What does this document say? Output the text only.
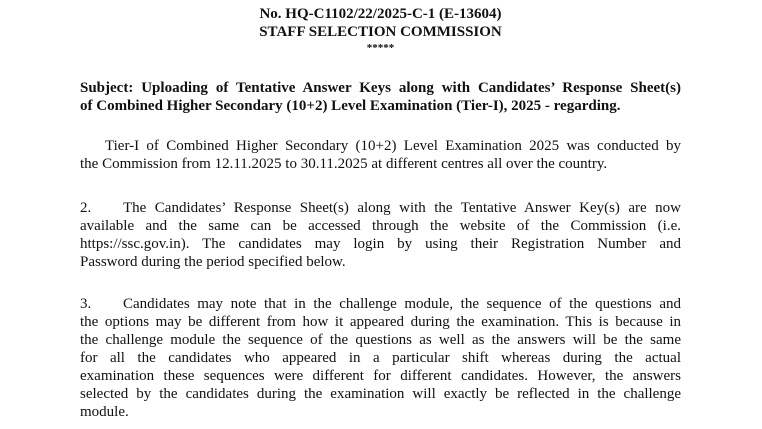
No. HQ-C1102/22/2025-C-1 (E-13604)
STAFF SELECTION COMMISSION
*****

Subject: Uploading of Tentative Answer Keys along with Candidates’ Response Sheet(s)
of Combined Higher Secondary (10+2) Level Examination (Tier-I), 2025 - regarding.

Tier-I of Combined Higher Secondary (10+2) Level Examination 2025 was conducted by
the Commission from 12.11.2025 to 30.11.2025 at different centres all over the country.

2. The Candidates’ Response Sheet(s) along with the Tentative Answer Key(s) are now
available and the same can be accessed through the website of the Commission (i.e.
https://ssc.gov.in). The candidates may login by using their Registration Number and
Password during the period specified below.

3. Candidates may note that in the challenge module, the sequence of the questions and
the options may be different from how it appeared during the examination. This is because in
the challenge module the sequence of the questions as well as the answers will be the same
for all the candidates who appeared in a particular shift whereas during the actual
examination these sequences were different for different candidates. However, the answers
selected by the candidates during the examination will exactly be reflected in the challenge
module.
